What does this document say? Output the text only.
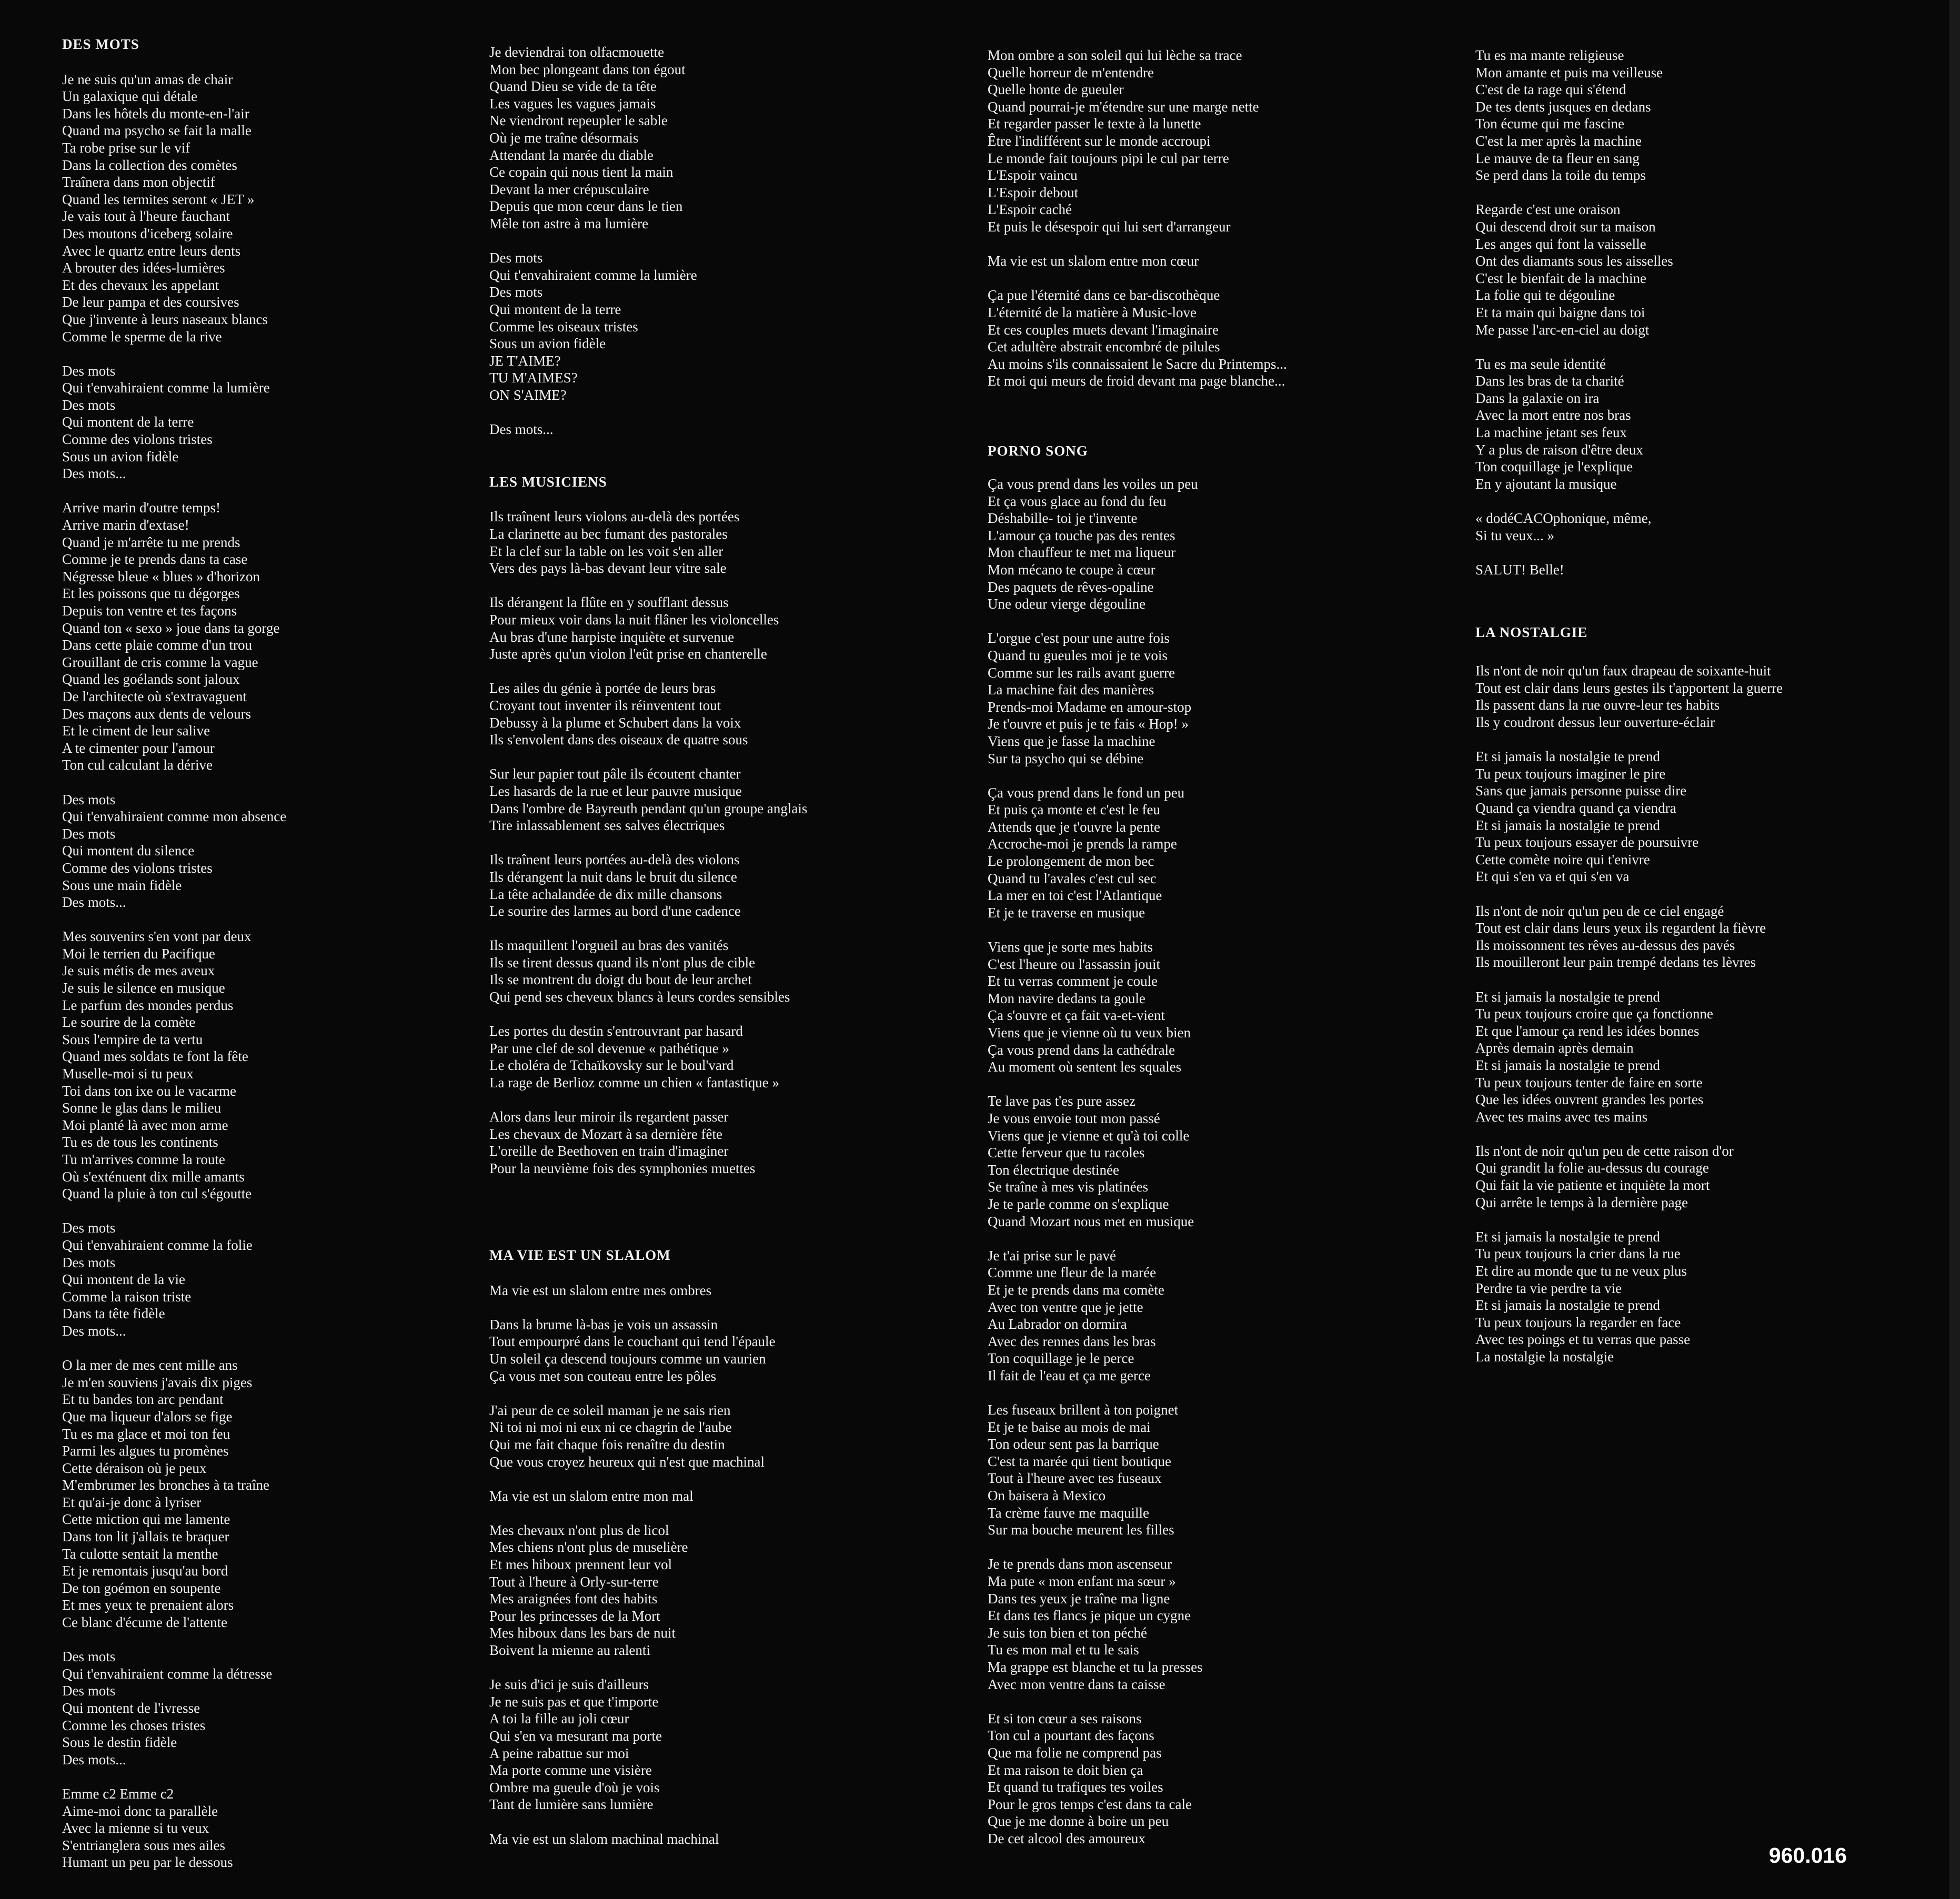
DES MOTS
Je ne suis qu'un amas de chair
Un galaxique qui détale
Dans les hôtels du monte-en-l'air
Quand ma psycho se fait la malle
Ta robe prise sur le vif
Dans la collection des comètes
Traînera dans mon objectif
Quand les termites seront « JET »
Je vais tout à l'heure fauchant
Des moutons d'iceberg solaire
Avec le quartz entre leurs dents
A brouter des idées-lumières
Et des chevaux les appelant
De leur pampa et des coursives
Que j'invente à leurs naseaux blancs
Comme le sperme de la rive
Des mots
Qui t'envahiraient comme la lumière
Des mots
Qui montent de la terre
Comme des violons tristes
Sous un avion fidèle
Des mots...
Arrive marin d'outre temps!
Arrive marin d'extase!
Quand je m'arrête tu me prends
Comme je te prends dans ta case
Négresse bleue « blues » d'horizon
Et les poissons que tu dégorges
Depuis ton ventre et tes façons
Quand ton « sexo » joue dans ta gorge
Dans cette plaie comme d'un trou
Grouillant de cris comme la vague
Quand les goélands sont jaloux
De l'architecte où s'extravaguent
Des maçons aux dents de velours
Et le ciment de leur salive
A te cimenter pour l'amour
Ton cul calculant la dérive
Des mots
Qui t'envahiraient comme mon absence
Des mots
Qui montent du silence
Comme des violons tristes
Sous une main fidèle
Des mots...
Mes souvenirs s'en vont par deux
Moi le terrien du Pacifique
Je suis métis de mes aveux
Je suis le silence en musique
Le parfum des mondes perdus
Le sourire de la comète
Sous l'empire de ta vertu
Quand mes soldats te font la fête
Muselle-moi si tu peux
Toi dans ton ixe ou le vacarme
Sonne le glas dans le milieu
Moi planté là avec mon arme
Tu es de tous les continents
Tu m'arrives comme la route
Où s'exténuent dix mille amants
Quand la pluie à ton cul s'égoutte
Des mots
Qui t'envahiraient comme la folie
Des mots
Qui montent de la vie
Comme la raison triste
Dans ta tête fidèle
Des mots...
O la mer de mes cent mille ans
Je m'en souviens j'avais dix piges
Et tu bandes ton arc pendant
Que ma liqueur d'alors se fige
Tu es ma glace et moi ton feu
Parmi les algues tu promènes
Cette déraison où je peux
M'embrumer les bronches à ta traîne
Et qu'ai-je donc à lyriser
Cette miction qui me lamente
Dans ton lit j'allais te braquer
Ta culotte sentait la menthe
Et je remontais jusqu'au bord
De ton goémon en soupente
Et mes yeux te prenaient alors
Ce blanc d'écume de l'attente
Des mots
Qui t'envahiraient comme la détresse
Des mots
Qui montent de l'ivresse
Comme les choses tristes
Sous le destin fidèle
Des mots...
Emme c2 Emme c2
Aime-moi donc ta parallèle
Avec la mienne si tu veux
S'entrianglera sous mes ailes
Humant un peu par le dessous
Je deviendrai ton olfacmouette
Mon bec plongeant dans ton égout
Quand Dieu se vide de ta tête
Les vagues les vagues jamais
Ne viendront repeupler le sable
Où je me traîne désormais
Attendant la marée du diable
Ce copain qui nous tient la main
Devant la mer crépusculaire
Depuis que mon cœur dans le tien
Mêle ton astre à ma lumière
Des mots
Qui t'envahiraient comme la lumière
Des mots
Qui montent de la terre
Comme les oiseaux tristes
Sous un avion fidèle
JE T'AIME?
TU M'AIMES?
ON S'AIME?
Des mots...
LES MUSICIENS
Ils traînent leurs violons au-delà des portées
La clarinette au bec fumant des pastorales
Et la clef sur la table on les voit s'en aller
Vers des pays là-bas devant leur vitre sale
Ils dérangent la flûte en y soufflant dessus
Pour mieux voir dans la nuit flâner les violoncelles
Au bras d'une harpiste inquiète et survenue
Juste après qu'un violon l'eût prise en chanterelle
Les ailes du génie à portée de leurs bras
Croyant tout inventer ils réinventent tout
Debussy à la plume et Schubert dans la voix
Ils s'envolent dans des oiseaux de quatre sous
Sur leur papier tout pâle ils écoutent chanter
Les hasards de la rue et leur pauvre musique
Dans l'ombre de Bayreuth pendant qu'un groupe anglais
Tire inlassablement ses salves électriques
Ils traînent leurs portées au-delà des violons
Ils dérangent la nuit dans le bruit du silence
La tête achalandée de dix mille chansons
Le sourire des larmes au bord d'une cadence
Ils maquillent l'orgueil au bras des vanités
Ils se tirent dessus quand ils n'ont plus de cible
Ils se montrent du doigt du bout de leur archet
Qui pend ses cheveux blancs à leurs cordes sensibles
Les portes du destin s'entrouvrant par hasard
Par une clef de sol devenue « pathétique »
Le choléra de Tchaïkovsky sur le boul'vard
La rage de Berlioz comme un chien « fantastique »
Alors dans leur miroir ils regardent passer
Les chevaux de Mozart à sa dernière fête
L'oreille de Beethoven en train d'imaginer
Pour la neuvième fois des symphonies muettes
MA VIE EST UN SLALOM
Ma vie est un slalom entre mes ombres
Dans la brume là-bas je vois un assassin
Tout empourpré dans le couchant qui tend l'épaule
Un soleil ça descend toujours comme un vaurien
Ça vous met son couteau entre les pôles
J'ai peur de ce soleil maman je ne sais rien
Ni toi ni moi ni eux ni ce chagrin de l'aube
Qui me fait chaque fois renaître du destin
Que vous croyez heureux qui n'est que machinal
Ma vie est un slalom entre mon mal
Mes chevaux n'ont plus de licol
Mes chiens n'ont plus de muselière
Et mes hiboux prennent leur vol
Tout à l'heure à Orly-sur-terre
Mes araignées font des habits
Pour les princesses de la Mort
Mes hiboux dans les bars de nuit
Boivent la mienne au ralenti
Je suis d'ici je suis d'ailleurs
Je ne suis pas et que t'importe
A toi la fille au joli cœur
Qui s'en va mesurant ma porte
A peine rabattue sur moi
Ma porte comme une visière
Ombre ma gueule d'où je vois
Tant de lumière sans lumière
Ma vie est un slalom machinal machinal
Mon ombre a son soleil qui lui lèche sa trace
Quelle horreur de m'entendre
Quelle honte de gueuler
Quand pourrai-je m'étendre sur une marge nette
Et regarder passer le texte à la lunette
Être l'indifférent sur le monde accroupi
Le monde fait toujours pipi le cul par terre
L'Espoir vaincu
L'Espoir debout
L'Espoir caché
Et puis le désespoir qui lui sert d'arrangeur
Ma vie est un slalom entre mon cœur
Ça pue l'éternité dans ce bar-discothèque
L'éternité de la matière à Music-love
Et ces couples muets devant l'imaginaire
Cet adultère abstrait encombré de pilules
Au moins s'ils connaissaient le Sacre du Printemps...
Et moi qui meurs de froid devant ma page blanche...
PORNO SONG
Ça vous prend dans les voiles un peu
Et ça vous glace au fond du feu
Déshabille- toi je t'invente
L'amour ça touche pas des rentes
Mon chauffeur te met ma liqueur
Mon mécano te coupe à cœur
Des paquets de rêves-opaline
Une odeur vierge dégouline
L'orgue c'est pour une autre fois
Quand tu gueules moi je te vois
Comme sur les rails avant guerre
La machine fait des manières
Prends-moi Madame en amour-stop
Je t'ouvre et puis je te fais « Hop! »
Viens que je fasse la machine
Sur ta psycho qui se débine
Ça vous prend dans le fond un peu
Et puis ça monte et c'est le feu
Attends que je t'ouvre la pente
Accroche-moi je prends la rampe
Le prolongement de mon bec
Quand tu l'avales c'est cul sec
La mer en toi c'est l'Atlantique
Et je te traverse en musique
Viens que je sorte mes habits
C'est l'heure ou l'assassin jouit
Et tu verras comment je coule
Mon navire dedans ta goule
Ça s'ouvre et ça fait va-et-vient
Viens que je vienne où tu veux bien
Ça vous prend dans la cathédrale
Au moment où sentent les squales
Te lave pas t'es pure assez
Je vous envoie tout mon passé
Viens que je vienne et qu'à toi colle
Cette ferveur que tu racoles
Ton électrique destinée
Se traîne à mes vis platinées
Je te parle comme on s'explique
Quand Mozart nous met en musique
Je t'ai prise sur le pavé
Comme une fleur de la marée
Et je te prends dans ma comète
Avec ton ventre que je jette
Au Labrador on dormira
Avec des rennes dans les bras
Ton coquillage je le perce
Il fait de l'eau et ça me gerce
Les fuseaux brillent à ton poignet
Et je te baise au mois de mai
Ton odeur sent pas la barrique
C'est ta marée qui tient boutique
Tout à l'heure avec tes fuseaux
On baisera à Mexico
Ta crème fauve me maquille
Sur ma bouche meurent les filles
Je te prends dans mon ascenseur
Ma pute « mon enfant ma sœur »
Dans tes yeux je traîne ma ligne
Et dans tes flancs je pique un cygne
Je suis ton bien et ton péché
Tu es mon mal et tu le sais
Ma grappe est blanche et tu la presses
Avec mon ventre dans ta caisse
Et si ton cœur a ses raisons
Ton cul a pourtant des façons
Que ma folie ne comprend pas
Et ma raison te doit bien ça
Et quand tu trafiques tes voiles
Pour le gros temps c'est dans ta cale
Que je me donne à boire un peu
De cet alcool des amoureux
Tu es ma mante religieuse
Mon amante et puis ma veilleuse
C'est de ta rage qui s'étend
De tes dents jusques en dedans
Ton écume qui me fascine
C'est la mer après la machine
Le mauve de ta fleur en sang
Se perd dans la toile du temps
Regarde c'est une oraison
Qui descend droit sur ta maison
Les anges qui font la vaisselle
Ont des diamants sous les aisselles
C'est le bienfait de la machine
La folie qui te dégouline
Et ta main qui baigne dans toi
Me passe l'arc-en-ciel au doigt
Tu es ma seule identité
Dans les bras de ta charité
Dans la galaxie on ira
Avec la mort entre nos bras
La machine jetant ses feux
Y a plus de raison d'être deux
Ton coquillage je l'explique
En y ajoutant la musique
« dodéCACOphonique, même,
Si tu veux... »
SALUT! Belle!
LA NOSTALGIE
Ils n'ont de noir qu'un faux drapeau de soixante-huit
Tout est clair dans leurs gestes ils t'apportent la guerre
Ils passent dans la rue ouvre-leur tes habits
Ils y coudront dessus leur ouverture-éclair
Et si jamais la nostalgie te prend
Tu peux toujours imaginer le pire
Sans que jamais personne puisse dire
Quand ça viendra quand ça viendra
Et si jamais la nostalgie te prend
Tu peux toujours essayer de poursuivre
Cette comète noire qui t'enivre
Et qui s'en va et qui s'en va
Ils n'ont de noir qu'un peu de ce ciel engagé
Tout est clair dans leurs yeux ils regardent la fièvre
Ils moissonnent tes rêves au-dessus des pavés
Ils mouilleront leur pain trempé dedans tes lèvres
Et si jamais la nostalgie te prend
Tu peux toujours croire que ça fonctionne
Et que l'amour ça rend les idées bonnes
Après demain après demain
Et si jamais la nostalgie te prend
Tu peux toujours tenter de faire en sorte
Que les idées ouvrent grandes les portes
Avec tes mains avec tes mains
Ils n'ont de noir qu'un peu de cette raison d'or
Qui grandit la folie au-dessus du courage
Qui fait la vie patiente et inquiète la mort
Qui arrête le temps à la dernière page
Et si jamais la nostalgie te prend
Tu peux toujours la crier dans la rue
Et dire au monde que tu ne veux plus
Perdre ta vie perdre ta vie
Et si jamais la nostalgie te prend
Tu peux toujours la regarder en face
Avec tes poings et tu verras que passe
La nostalgie la nostalgie
960.016
